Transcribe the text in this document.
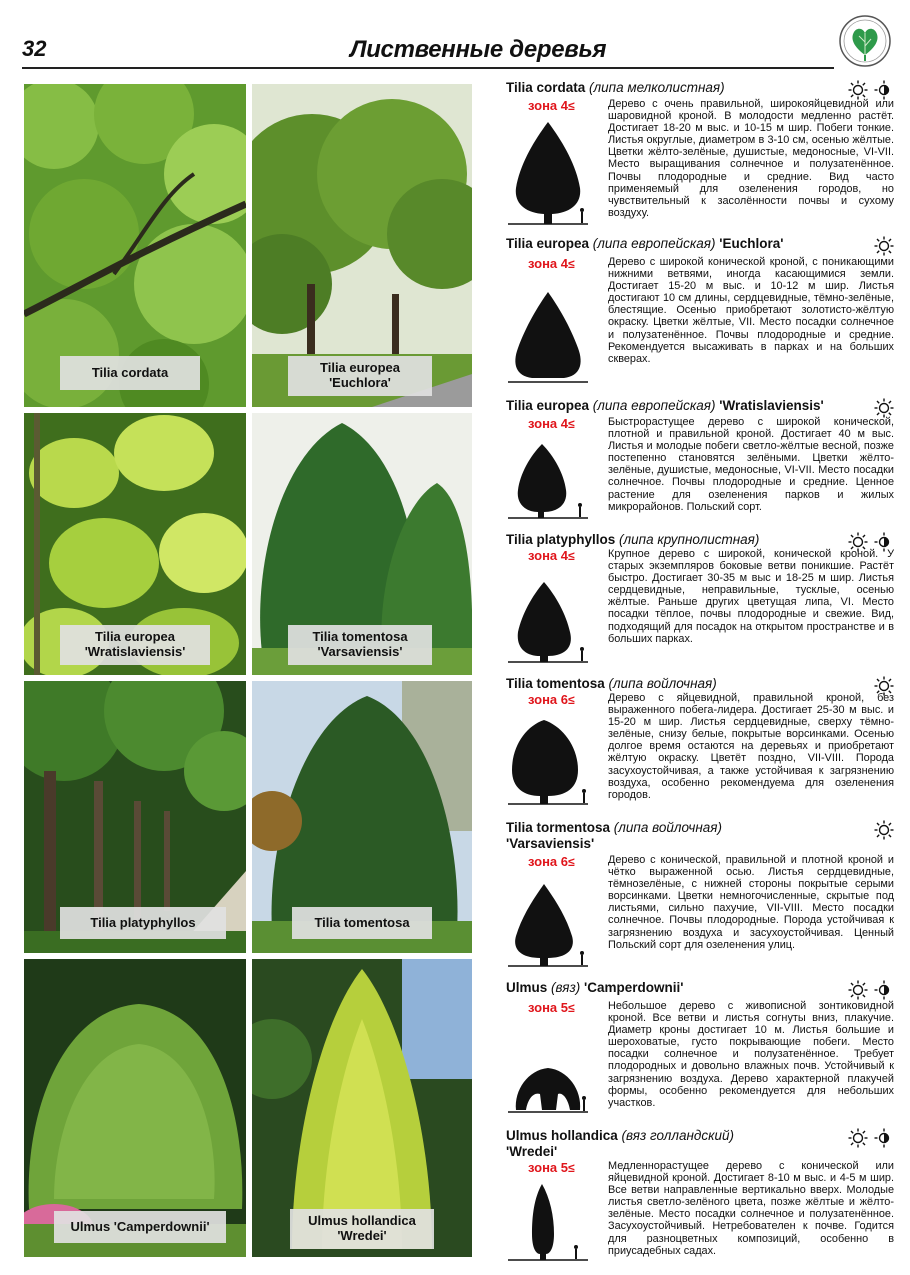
32	Лиственные деревья
Tilia cordata	Tilia europea
'Euchlora'
Tilia europea
'Wratislaviensis'
Tilia tomentosa
'Varsaviensis'
Tilia platyphyllos	Tilia tomentosa
Ulmus 'Camperdownii'	Ulmus hollandica
'Wredei'
Tilia cordata (липа мелколистная)
зона 4≤	Дерево с очень правильной, широкояйцевидной или шаровидной кроной. В молодости медленно растёт. Достигает 18-20 м выс. и 10-15 м шир. Побеги тонкие. Листья округлые, диаметром в 3-10 см, осенью жёлтые. Цветки жёлто-зелёные, душистые, медоносные, VI-VII. Место выращивания солнечное и полузатенённое. Почвы плодородные и средние. Вид часто применяемый для озеленения городов, но чувствительный к засолённости почвы и сухому воздуху.
Tilia europea (липа европейская) 'Euchlora'
зона 4≤	Дерево с широкой конической кроной, с поникающими нижними ветвями, иногда касающимися земли. Достигает 15-20 м выс. и 10-12 м шир. Листья достигают 10 см длины, сердцевидные, тёмно-зелёные, блестящие. Осенью приобретают золотисто-жёлтую окраску. Цветки жёлтые, VII. Место посадки солнечное и полузатенённое. Почвы плодородные и средние. Рекомендуется высаживать в парках и на больших скверах.
Tilia europea (липа европейская) 'Wratislaviensis'
зона 4≤	Быстрорастущее дерево с широкой конической, плотной и правильной кроной. Достигает 40 м выс. Листья и молодые побеги светло-жёлтые весной, позже постепенно становятся зелёными. Цветки жёлто-зелёные, душистые, медоносные, VI-VII. Место посадки солнечное. Почвы плодородные и средние. Ценное растение для озеленения парков и жилых микрорайонов. Польский сорт.
Tilia platyphyllos (липа крупнолистная)
зона 4≤	Крупное дерево с широкой, конической кроной. У старых экземпляров боковые ветви поникшие. Растёт быстро. Достигает 30-35 м выс и 18-25 м шир. Листья сердцевидные, неправильные, тусклые, осенью жёлтые. Раньше других цветущая липа, VI. Место посадки тёплое, почвы плодородные и свежие. Вид, подходящий для посадок на открытом пространстве и в больших парках.
Tilia tomentosa (липа войлочная)
зона 6≤	Дерево с яйцевидной, правильной кроной, без выраженного побега-лидера. Достигает 25-30 м выс. и 15-20 м шир. Листья сердцевидные, сверху тёмно-зелёные, снизу белые, покрытые ворсинками. Осенью долгое время остаются на деревьях и приобретают жёлтую окраску. Цветёт поздно, VII-VIII. Порода засухоустойчивая, а также устойчивая к загрязнению воздуха, особенно рекомендуема для озеленения городов.
Tilia tormentosa (липа войлочная)
'Varsaviensis'
зона 6≤	Дерево с конической, правильной и плотной кроной и чётко выраженной осью. Листья сердцевидные, тёмнозелёные, с нижней стороны покрытые серыми ворсинками. Цветки немногочисленные, скрытые под листьями, сильно пахучие, VII-VIII. Место посадки солнечное. Почвы плодородные. Порода устойчивая к загрязнению воздуха и засухоустойчивая. Ценный Польский сорт для озеленения улиц.
Ulmus (вяз) 'Camperdownii'
зона 5≤	Небольшое дерево с живописной зонтиковидной кроной. Все ветви и листья согнуты вниз, плакучие. Диаметр кроны достигает 10 м. Листья большие и шероховатые, густо покрывающие побеги. Место посадки солнечное и полузатенённое. Требует плодородных и довольно влажных почв. Устойчивый к загрязнению воздуха. Дерево характерной плакучей формы, особенно рекомендуется для небольших участков.
Ulmus hollandica (вяз голландский)
'Wredei'
зона 5≤	Медленнорастущее дерево с конической или яйцевидной кроной. Достигает 8-10 м выс. и 4-5 м шир. Все ветви направленные вертикально вверх. Молодые листья светло-зелёного цвета, позже жёлтые и жёлто-зелёные. Место посадки солнечное и полузатенённое. Засухоустойчивый. Нетребователен к почве. Годится для разноцветных композиций, особенно в приусадебных садах.
